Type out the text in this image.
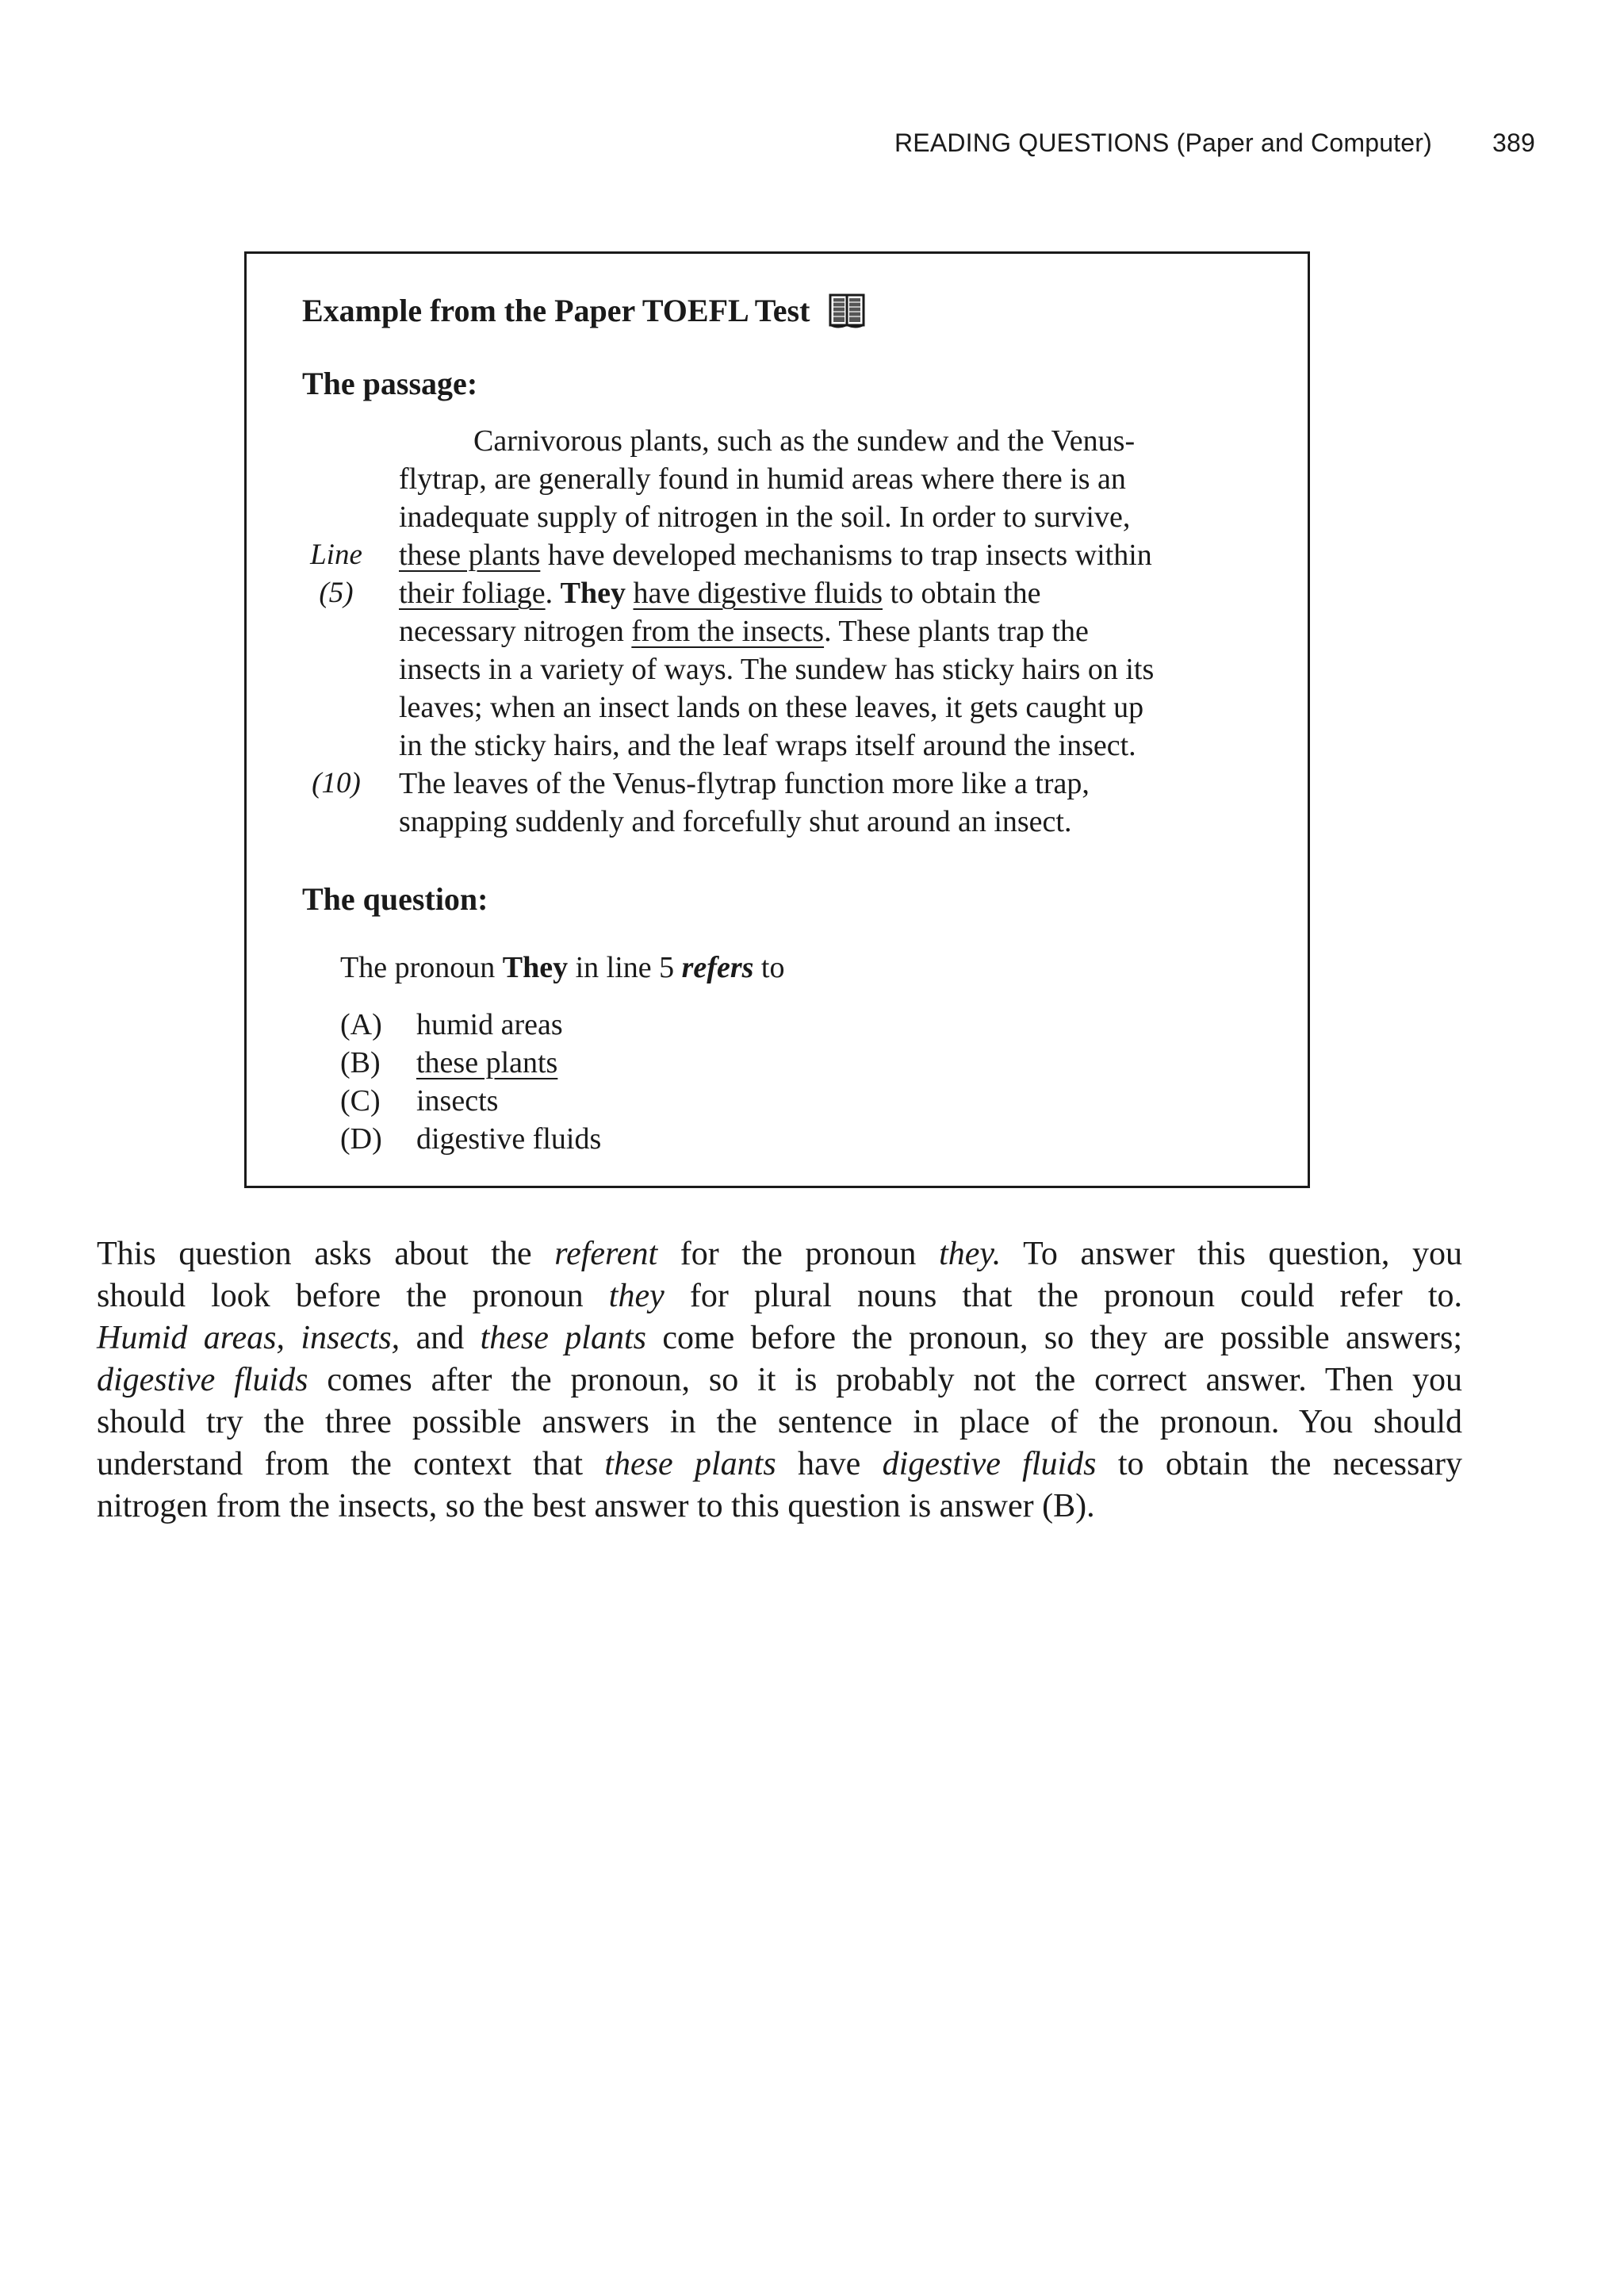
READING QUESTIONS (Paper and Computer) 389
Example from the Paper TOEFL Test
The passage:
Carnivorous plants, such as the sundew and the Venus-
flytrap, are generally found in humid areas where there is an
inadequate supply of nitrogen in the soil. In order to survive,
Line	these plants have developed mechanisms to trap insects within
(5)	their foliage. They have digestive fluids to obtain the
necessary nitrogen from the insects. These plants trap the
insects in a variety of ways. The sundew has sticky hairs on its
leaves; when an insect lands on these leaves, it gets caught up
in the sticky hairs, and the leaf wraps itself around the insect.
(10)	The leaves of the Venus-flytrap function more like a trap,
snapping suddenly and forcefully shut around an insect.
The question:
The pronoun They in line 5 refers to
(A)	humid areas
(B)	these plants
(C)	insects
(D)	digestive fluids
This question asks about the referent for the pronoun they. To answer this question, you
should look before the pronoun they for plural nouns that the pronoun could refer to.
Humid areas, insects, and these plants come before the pronoun, so they are possible answers;
digestive fluids comes after the pronoun, so it is probably not the correct answer. Then you
should try the three possible answers in the sentence in place of the pronoun. You should
understand from the context that these plants have digestive fluids to obtain the necessary
nitrogen from the insects, so the best answer to this question is answer (B).
